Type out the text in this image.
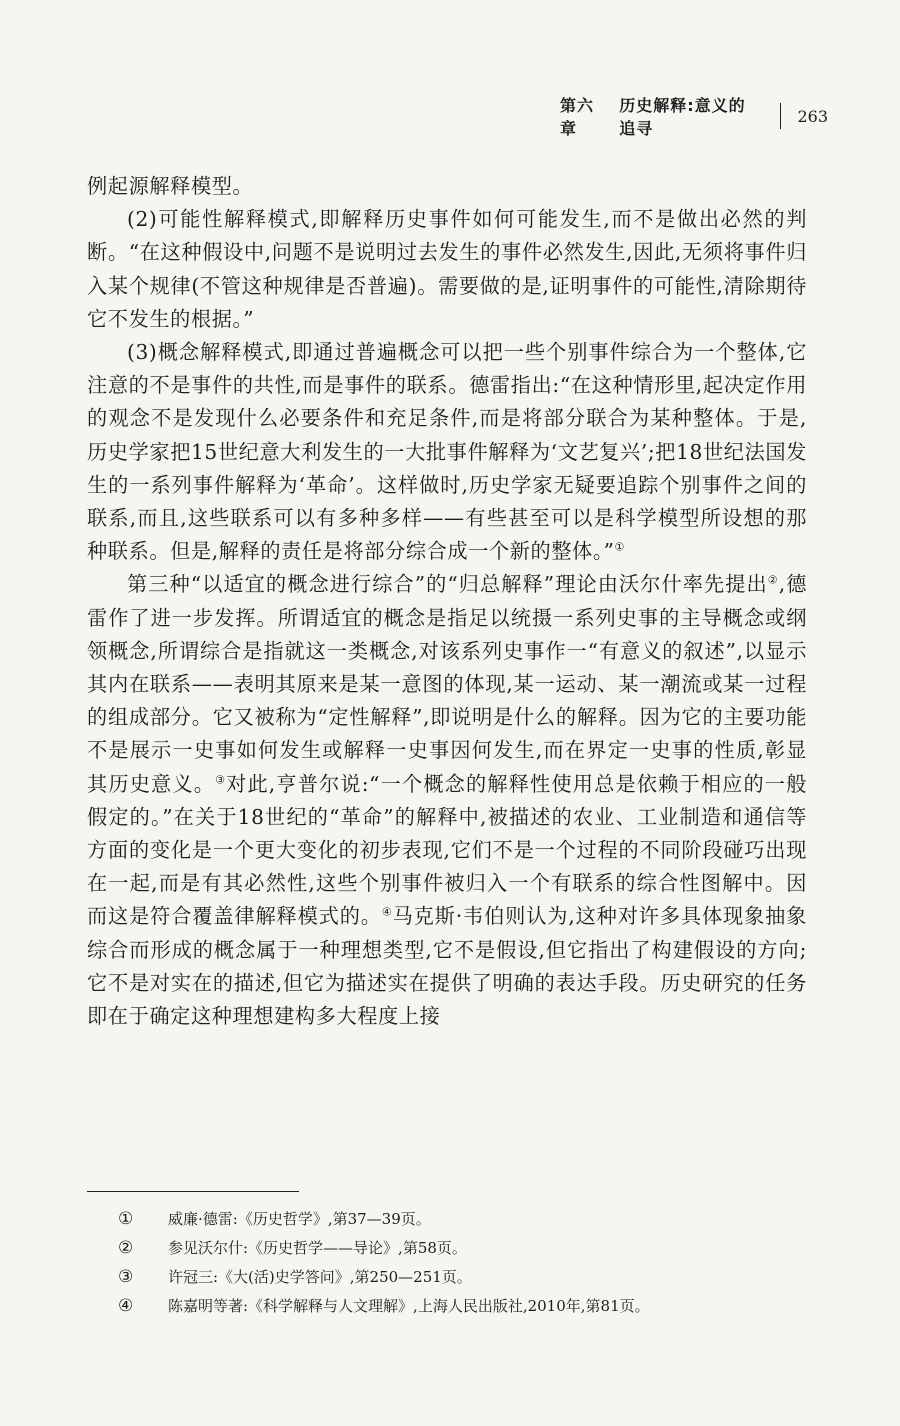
第六章
历史解释:意义的追寻
263

例起源解释模型。

(2)可能性解释模式,即解释历史事件如何可能发生,而不是做出必然的判断。“在这种假设中,问题不是说明过去发生的事件必然发生,因此,无须将事件归入某个规律(不管这种规律是否普遍)。需要做的是,证明事件的可能性,清除期待它不发生的根据。”

(3)概念解释模式,即通过普遍概念可以把一些个别事件综合为一个整体,它注意的不是事件的共性,而是事件的联系。德雷指出:“在这种情形里,起决定作用的观念不是发现什么必要条件和充足条件,而是将部分联合为某种整体。于是,历史学家把15世纪意大利发生的一大批事件解释为‘文艺复兴’;把18世纪法国发生的一系列事件解释为‘革命’。这样做时,历史学家无疑要追踪个别事件之间的联系,而且,这些联系可以有多种多样——有些甚至可以是科学模型所设想的那种联系。但是,解释的责任是将部分综合成一个新的整体。”①

第三种“以适宜的概念进行综合”的“归总解释”理论由沃尔什率先提出②,德雷作了进一步发挥。所谓适宜的概念是指足以统摄一系列史事的主导概念或纲领概念,所谓综合是指就这一类概念,对该系列史事作一“有意义的叙述”,以显示其内在联系——表明其原来是某一意图的体现,某一运动、某一潮流或某一过程的组成部分。它又被称为“定性解释”,即说明是什么的解释。因为它的主要功能不是展示一史事如何发生或解释一史事因何发生,而在界定一史事的性质,彰显其历史意义。③对此,亨普尔说:“一个概念的解释性使用总是依赖于相应的一般假定的。”在关于18世纪的“革命”的解释中,被描述的农业、工业制造和通信等方面的变化是一个更大变化的初步表现,它们不是一个过程的不同阶段碰巧出现在一起,而是有其必然性,这些个别事件被归入一个有联系的综合性图解中。因而这是符合覆盖律解释模式的。④马克斯·韦伯则认为,这种对许多具体现象抽象综合而形成的概念属于一种理想类型,它不是假设,但它指出了构建假设的方向;它不是对实在的描述,但它为描述实在提供了明确的表达手段。历史研究的任务即在于确定这种理想建构多大程度上接

①	威廉·德雷:《历史哲学》,第37—39页。
②	参见沃尔什:《历史哲学——导论》,第58页。
③	许冠三:《大(活)史学答问》,第250—251页。
④	陈嘉明等著:《科学解释与人文理解》,上海人民出版社,2010年,第81页。
